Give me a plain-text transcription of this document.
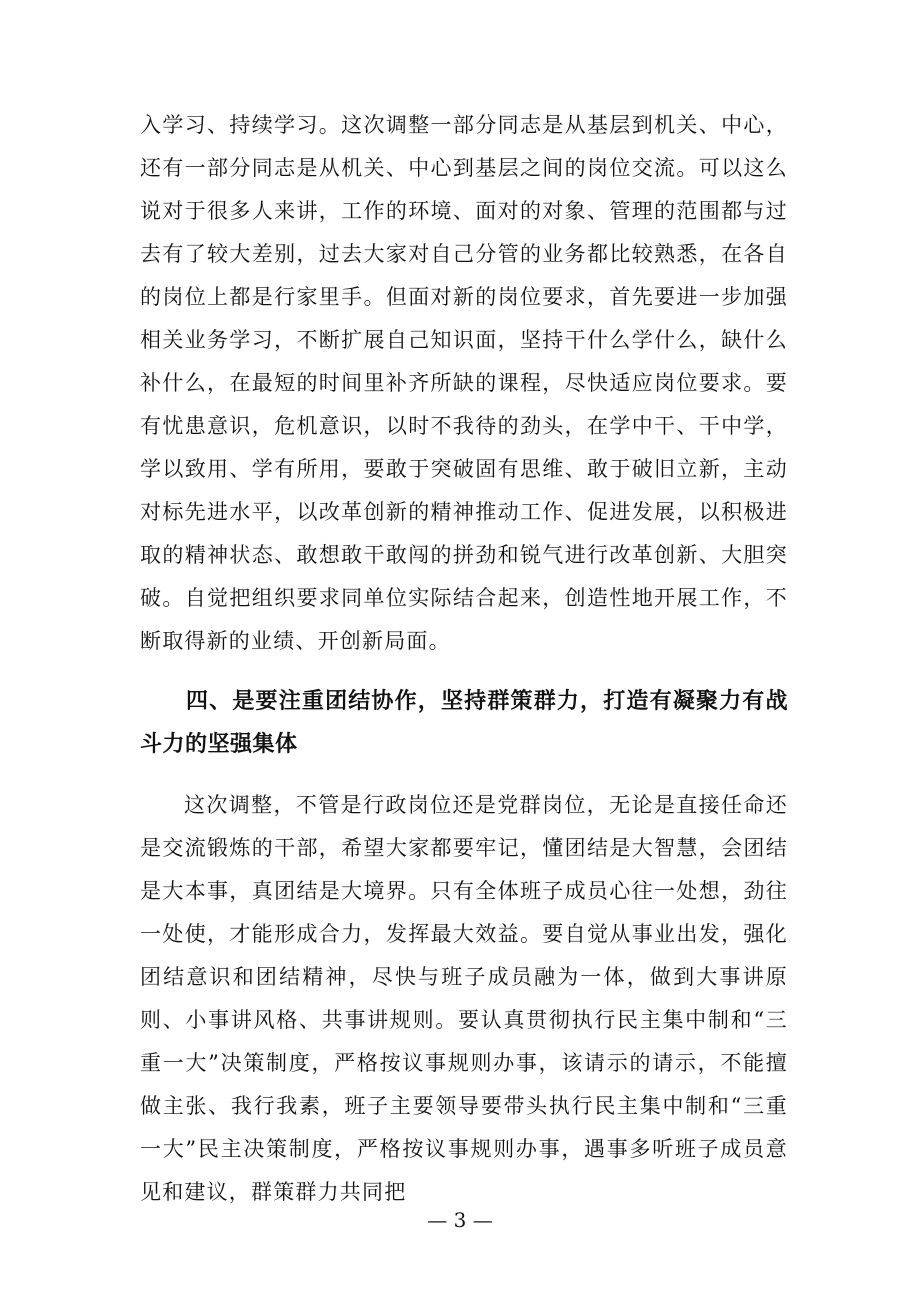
入学习、持续学习。这次调整一部分同志是从基层到机关、中心，还有一部分同志是从机关、中心到基层之间的岗位交流。可以这么说对于很多人来讲，工作的环境、面对的对象、管理的范围都与过去有了较大差别，过去大家对自己分管的业务都比较熟悉，在各自的岗位上都是行家里手。但面对新的岗位要求，首先要进一步加强相关业务学习，不断扩展自己知识面，坚持干什么学什么，缺什么补什么，在最短的时间里补齐所缺的课程，尽快适应岗位要求。要有忧患意识，危机意识，以时不我待的劲头，在学中干、干中学，学以致用、学有所用，要敢于突破固有思维、敢于破旧立新，主动对标先进水平，以改革创新的精神推动工作、促进发展，以积极进取的精神状态、敢想敢干敢闯的拼劲和锐气进行改革创新、大胆突破。自觉把组织要求同单位实际结合起来，创造性地开展工作，不断取得新的业绩、开创新局面。

四、是要注重团结协作，坚持群策群力，打造有凝聚力有战斗力的坚强集体

这次调整，不管是行政岗位还是党群岗位，无论是直接任命还是交流锻炼的干部，希望大家都要牢记，懂团结是大智慧，会团结是大本事，真团结是大境界。只有全体班子成员心往一处想，劲往一处使，才能形成合力，发挥最大效益。要自觉从事业出发，强化团结意识和团结精神，尽快与班子成员融为一体，做到大事讲原则、小事讲风格、共事讲规则。要认真贯彻执行民主集中制和“三重一大”决策制度，严格按议事规则办事，该请示的请示，不能擅做主张、我行我素，班子主要领导要带头执行民主集中制和“三重一大”民主决策制度，严格按议事规则办事，遇事多听班子成员意见和建议，群策群力共同把

— 3 —
